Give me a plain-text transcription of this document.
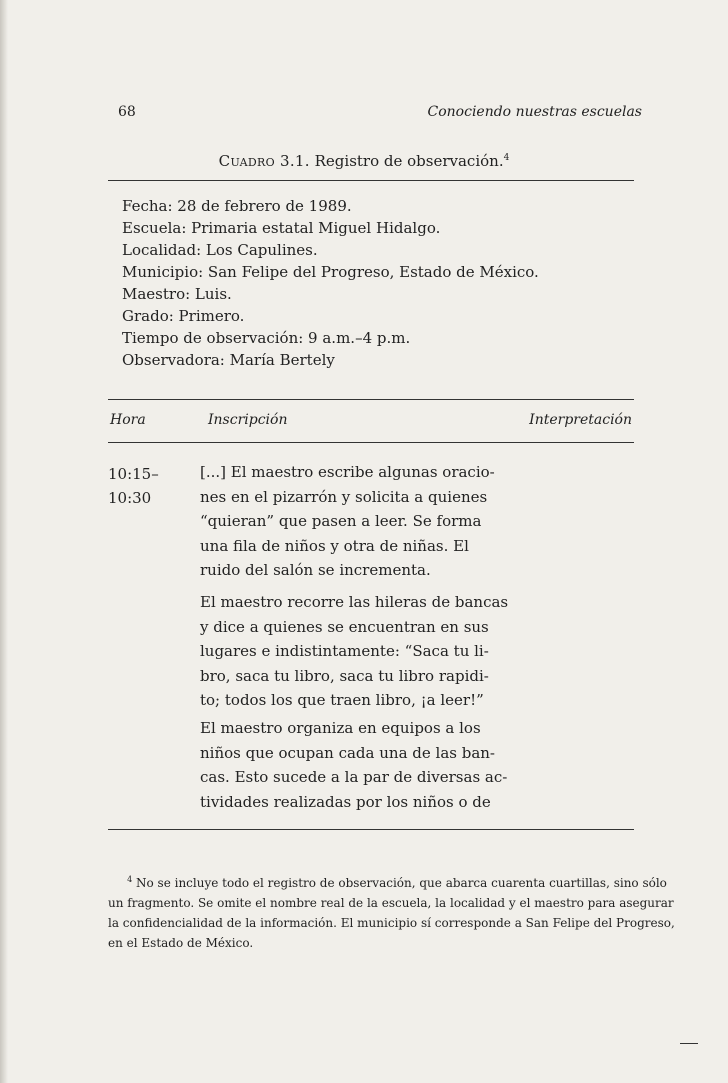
68	Conociendo nuestras escuelas
Cuadro 3.1. Registro de observación.$^4$
Fecha: 28 de febrero de 1989.
Escuela: Primaria estatal Miguel Hidalgo.
Localidad: Los Capulines.
Municipio: San Felipe del Progreso, Estado de México.
Maestro: Luis.
Grado: Primero.
Tiempo de observación: 9 a.m.–4 p.m.
Observadora: María Bertely
Hora	Inscripción	Interpretación
10:15–
10:30
[...] El maestro escribe algunas oracio-
nes en el pizarrón y solicita a quienes
“quieran” que pasen a leer. Se forma
una fila de niños y otra de niñas. El
ruido del salón se incrementa.
El maestro recorre las hileras de bancas
y dice a quienes se encuentran en sus
lugares e indistintamente: “Saca tu li-
bro, saca tu libro, saca tu libro rapidi-
to; todos los que traen libro, ¡a leer!”
El maestro organiza en equipos a los
niños que ocupan cada una de las ban-
cas. Esto sucede a la par de diversas ac-
tividades realizadas por los niños o de
$^4$ No se incluye todo el registro de observación, que abarca cuarenta cuartillas, sino sólo
un fragmento. Se omite el nombre real de la escuela, la localidad y el maestro para asegurar
la confidencialidad de la información. El municipio sí corresponde a San Felipe del Progreso,
en el Estado de México.
